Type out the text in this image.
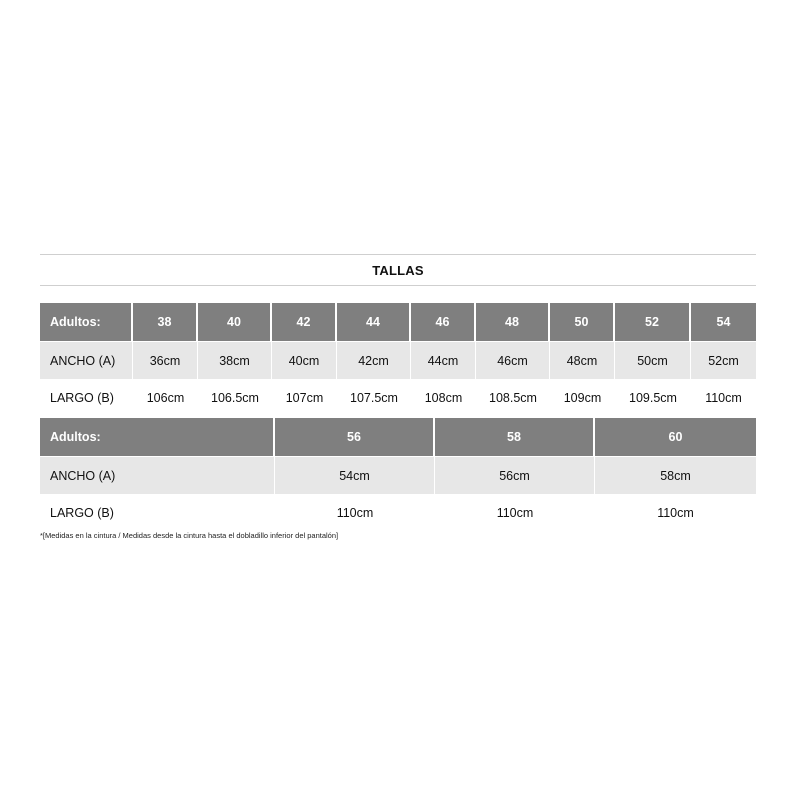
TALLAS
Adultos:	38	40	42	44	46	48	50	52	54
ANCHO (A)	36cm	38cm	40cm	42cm	44cm	46cm	48cm	50cm	52cm
LARGO (B)	106cm	106.5cm	107cm	107.5cm	108cm	108.5cm	109cm	109.5cm	110cm
Adultos:	56	58	60
ANCHO (A)	54cm	56cm	58cm
LARGO (B)	110cm	110cm	110cm
*[Medidas en la cintura / Medidas desde la cintura hasta el dobladillo inferior del pantalón]
